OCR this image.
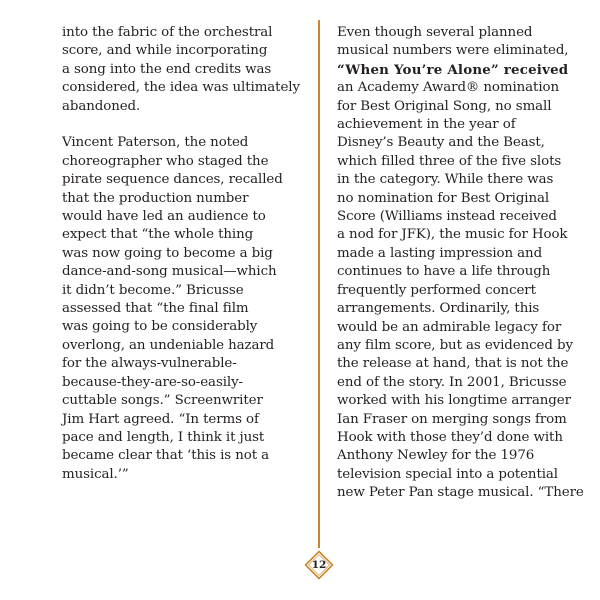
into the fabric of the orchestral
score, and while incorporating
a song into the end credits was
considered, the idea was ultimately
abandoned.

Vincent Paterson, the noted
choreographer who staged the
pirate sequence dances, recalled
that the production number
would have led an audience to
expect that “the whole thing
was now going to become a big
dance-and-song musical—which
it didn’t become.” Bricusse
assessed that “the final film
was going to be considerably
overlong, an undeniable hazard
for the always-vulnerable-
because-they-are-so-easily-
cuttable songs.” Screenwriter
Jim Hart agreed. “In terms of
pace and length, I think it just
became clear that ‘this is not a
musical.’”

Even though several planned
musical numbers were eliminated,
“When You’re Alone” received
an Academy Award® nomination
for Best Original Song, no small
achievement in the year of
Disney’s Beauty and the Beast,
which filled three of the five slots
in the category. While there was
no nomination for Best Original
Score (Williams instead received
a nod for JFK), the music for Hook
made a lasting impression and
continues to have a life through
frequently performed concert
arrangements. Ordinarily, this
would be an admirable legacy for
any film score, but as evidenced by
the release at hand, that is not the
end of the story. In 2001, Bricusse
worked with his longtime arranger
Ian Fraser on merging songs from
Hook with those they’d done with
Anthony Newley for the 1976
television special into a potential
new Peter Pan stage musical. “There

12
